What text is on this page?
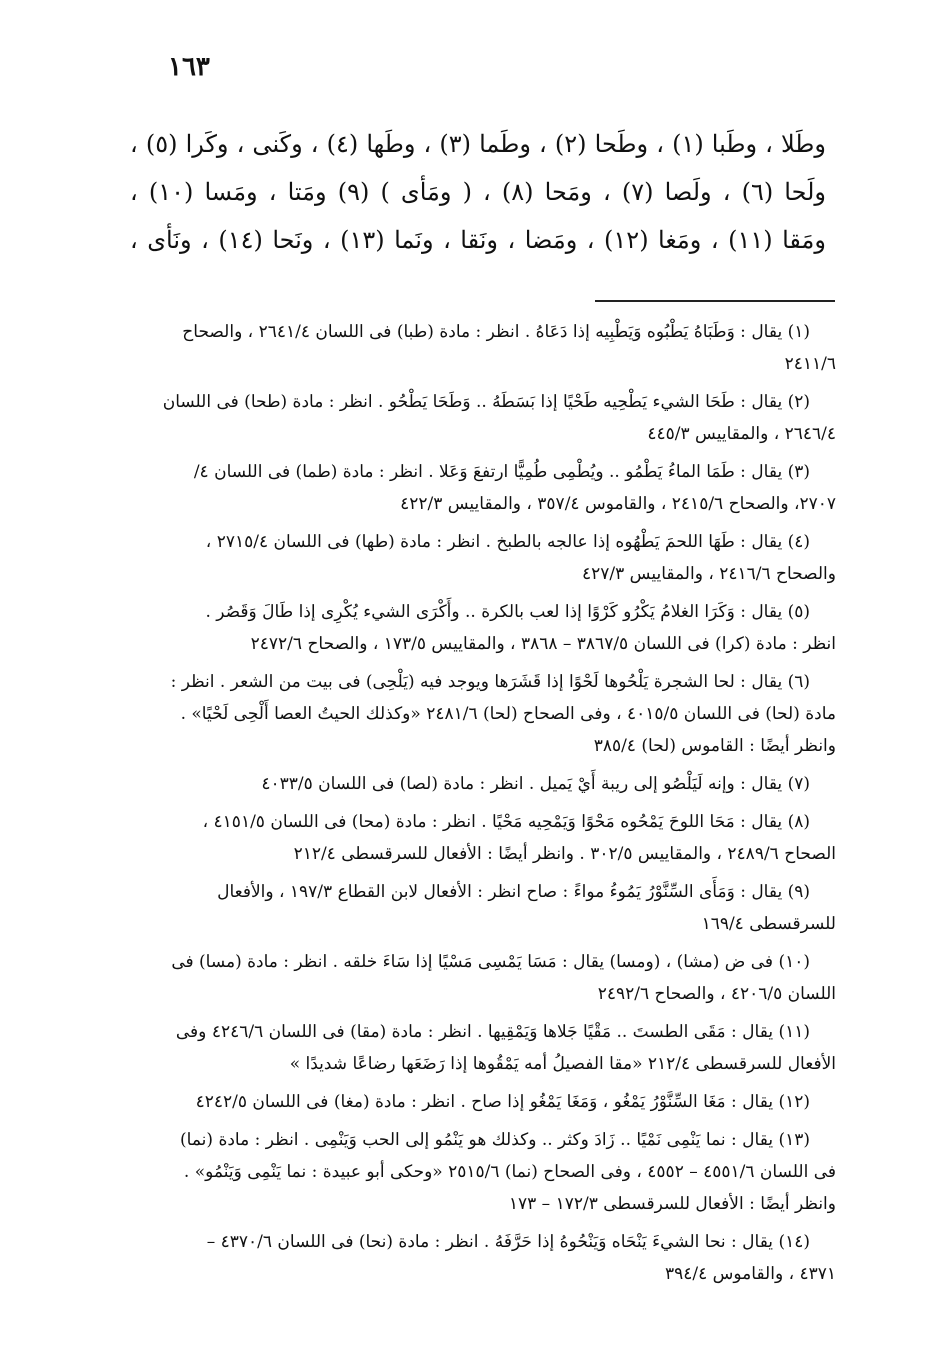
١٦٣
وطَلا ، وطَبا (١) ، وطَحا (٢) ، وطَما (٣) ، وطَها (٤) ، وكَنى ، وكَرا (٥) ،
ولَحا (٦) ، ولَصا (٧) ، ومَحا (٨) ، ( ومَأى ) (٩) ومَتا ، ومَسا (١٠) ،
ومَقا (١١) ، ومَغا (١٢) ، ومَضا ، ونَقا ، ونَما (١٣) ، ونَحا (١٤) ، ونَأى ،
(١) يقال : وَطَبَاهُ يَطْبُوه وَيَطْبِيه إذا دَعَاهُ . انظر : مادة (طبا) فى اللسان ٢٦٤١/٤ ، والصحاح
٢٤١١/٦
(٢) يقال : طَحَا الشيء يَطْحِيه طَحْيًا إذا بَسَطَهُ .. وَطَحَا يَطْحُو . انظر : مادة (طحا) فى اللسان
٢٦٤٦/٤ ، والمقاييس ٤٤٥/٣
(٣) يقال : طَمَا الماءُ يَطْمُو .. ويُطْمِى طُمِيًّا ارتفعَ وَعَلا . انظر : مادة (طما) فى اللسان ٤/
٢٧٠٧، والصحاح ٢٤١٥/٦ ، والقاموس ٣٥٧/٤ ، والمقاييس ٤٢٢/٣
(٤) يقال : طَهَا اللحمَ يَطْهُوه إذا عالجه بالطبخ . انظر : مادة (طها) فى اللسان ٢٧١٥/٤ ،
والصحاح ٢٤١٦/٦ ، والمقاييس ٤٢٧/٣
(٥) يقال : وَكَرَا الغلامُ يَكْرُو كَرْوًا إذا لعب بالكرة .. وأَكْرَى الشيء يُكْرِى إذا طَالَ وَقَصُر .
انظر : مادة (كرا) فى اللسان ٣٨٦٧/٥ – ٣٨٦٨ ، والمقاييس ١٧٣/٥ ، والصحاح ٢٤٧٢/٦
(٦) يقال : لحا الشجرة يَلْحُوها لَحْوًا إذا قَشَرَها ويوجد فيه (يَلْحِى) فى بيت من الشعر . انظر :
مادة (لحا) فى اللسان ٤٠١٥/٥ ، وفى الصحاح (لحا) ٢٤٨١/٦ «وكذلك الحيتُ العصا أَلْحِى لَحْيًا» .
وانظر أيضًا : القاموس (لحا) ٣٨٥/٤
(٧) يقال : وإنه لَيَلْصُو إلى ريبة أَيْ يَميل . انظر : مادة (لصا) فى اللسان ٤٠٣٣/٥
(٨) يقال : مَحَا اللوحَ يَمْحُوه مَحْوًا وَيَمْحِيه مَحْيًا . انظر : مادة (محا) فى اللسان ٤١٥١/٥ ،
الصحاح ٢٤٨٩/٦ ، والمقاييس ٣٠٢/٥ . وانظر أيضًا : الأفعال للسرقسطى ٢١٢/٤
(٩) يقال : وَمَأَى السِّنَّوْرُ يَمُوءُ مواءً : صاح انظر : الأفعال لابن القطاع ١٩٧/٣ ، والأفعال
للسرقسطى ١٦٩/٤
(١٠) فى ض (مشا) ، (ومسا) يقال : مَسَا يَمْسِى مَسْيًا إذا سَاءَ خلقه . انظر : مادة (مسا) فى
اللسان ٤٢٠٦/٥ ، والصحاح ٢٤٩٢/٦
(١١) يقال : مَقَى الطستَ .. مَقْيًا جَلاها وَيَمْقِيها . انظر : مادة (مقا) فى اللسان ٤٢٤٦/٦ وفى
الأفعال للسرقسطى ٢١٢/٤ «مقا الفصيلُ أمه يَمْقُوها إذا رَضَعَها رضاعًا شديدًا »
(١٢) يقال : مَغَا السِّنَّوْرُ يَمْغُو ، وَمَغَا يَمْغُو إذا صاح . انظر : مادة (مغا) فى اللسان ٤٢٤٢/٥
(١٣) يقال : نما يَنْمِى نَمْيًا .. زَادَ وكثر .. وكذلك هو يَنْمُو إلى الحب وَيَنْمِى . انظر : مادة (نما)
فى اللسان ٤٥٥١/٦ – ٤٥٥٢ ، وفى الصحاح (نما) ٢٥١٥/٦ «وحكى أبو عبيدة : نما يَنْمِى وَيَنْمُو» .
وانظر أيضًا : الأفعال للسرقسطى ١٧٢/٣ – ١٧٣
(١٤) يقال : نحا الشيءَ يَنْحَاه وَيَنْحُوهُ إذا حَرَّفَهُ . انظر : مادة (نحا) فى اللسان ٤٣٧٠/٦ –
٤٣٧١ ، والقاموس ٣٩٤/٤
